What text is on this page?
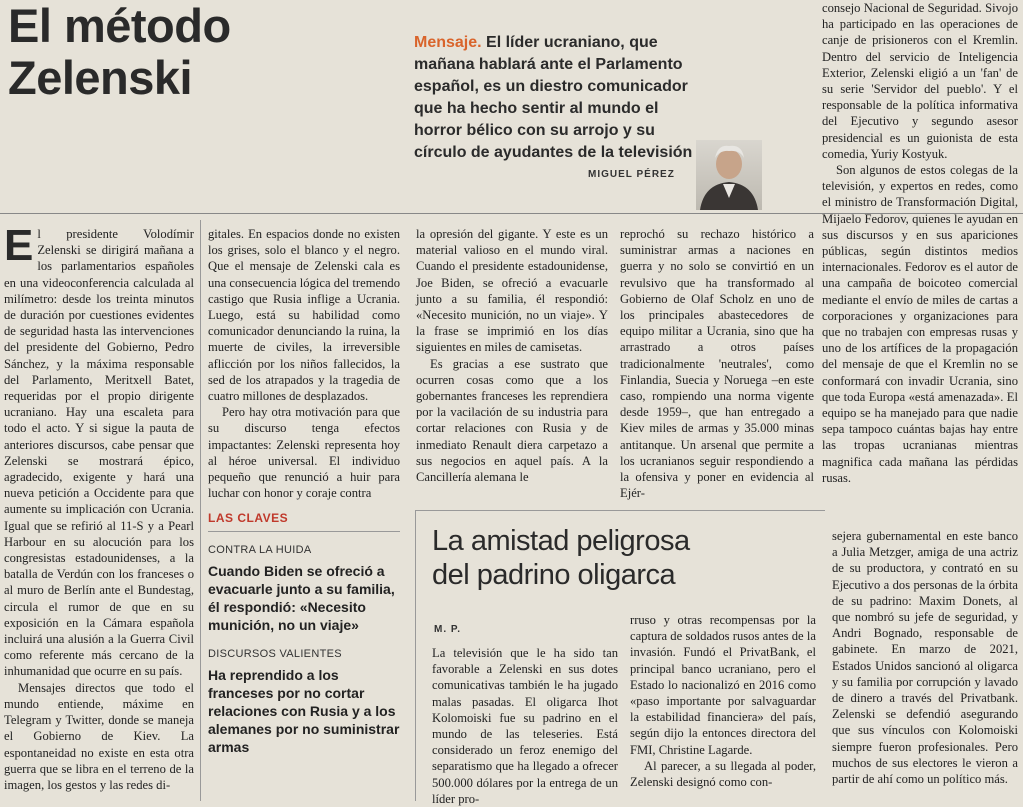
El método
Zelenski
Mensaje. El líder ucraniano, que mañana hablará ante el Parlamento español, es un diestro comunicador que ha hecho sentir al mundo el horror bélico con su arrojo y su círculo de ayudantes de la televisión
MIGUEL PÉREZ

El presidente Volodímir Zelenski se dirigirá mañana a los parlamentarios españoles en una videoconferencia calculada al milímetro: desde los treinta minutos de duración por cuestiones evidentes de seguridad hasta las intervenciones del presidente del Gobierno, Pedro Sánchez, y la máxima responsable del Parlamento, Meritxell Batet, requeridas por el propio dirigente ucraniano. Hay una escaleta para todo el acto. Y si sigue la pauta de anteriores discursos, cabe pensar que Zelenski se mostrará épico, agradecido, exigente y hará una nueva petición a Occidente para que aumente su implicación con Ucrania. Igual que se refirió al 11-S y a Pearl Harbour en su alocución para los congresistas estadounidenses, a la batalla de Verdún con los franceses o al muro de Berlín ante el Bundestag, circula el rumor de que en su exposición en la Cámara española incluirá una alusión a la Guerra Civil como referente más cercano de la inhumanidad que ocurre en su país.

Mensajes directos que todo el mundo entiende, máxime en Telegram y Twitter, donde se maneja el Gobierno de Kiev. La espontaneidad no existe en esta otra guerra que se libra en el terreno de la imagen, los gestos y las redes di-

gitales. En espacios donde no existen los grises, solo el blanco y el negro. Que el mensaje de Zelenski cala es una consecuencia lógica del tremendo castigo que Rusia inflige a Ucrania. Luego, está su habilidad como comunicador denunciando la ruina, la muerte de civiles, la irreversible aflicción por los niños fallecidos, la sed de los atrapados y la tragedia de cuatro millones de desplazados.

Pero hay otra motivación para que su discurso tenga efectos impactantes: Zelenski representa hoy al héroe universal. El individuo pequeño que renunció a huir para luchar con honor y coraje contra

LAS CLAVES
CONTRA LA HUIDA
Cuando Biden se ofreció a evacuarle junto a su familia, él respondió: «Necesito munición, no un viaje»
DISCURSOS VALIENTES
Ha reprendido a los franceses por no cortar relaciones con Rusia y a los alemanes por no suministrar armas

la opresión del gigante. Y este es un material valioso en el mundo viral. Cuando el presidente estadounidense, Joe Biden, se ofreció a evacuarle junto a su familia, él respondió: «Necesito munición, no un viaje». Y la frase se imprimió en los días siguientes en miles de camisetas.

Es gracias a ese sustrato que ocurren cosas como que a los gobernantes franceses les reprendiera por la vacilación de su industria para cortar relaciones con Rusia y de inmediato Renault diera carpetazo a sus negocios en aquel país. A la Cancillería alemana le

reprochó su rechazo histórico a suministrar armas a naciones en guerra y no solo se convirtió en un revulsivo que ha transformado al Gobierno de Olaf Scholz en uno de los principales abastecedores de equipo militar a Ucrania, sino que ha arrastrado a otros países tradicionalmente 'neutrales', como Finlandia, Suecia y Noruega –en este caso, rompiendo una norma vigente desde 1959–, que han entregado a Kiev miles de armas y 35.000 minas antitanque. Un arsenal que permite a los ucranianos seguir respondiendo a la ofensiva y poner en evidencia al Ejér-

consejo Nacional de Seguridad. Sivojo ha participado en las operaciones de canje de prisioneros con el Kremlin. Dentro del servicio de Inteligencia Exterior, Zelenski eligió a un 'fan' de su serie 'Servidor del pueblo'. Y el responsable de la política informativa del Ejecutivo y segundo asesor presidencial es un guionista de esta comedia, Yuriy Kostyuk.

Son algunos de estos colegas de la televisión, y expertos en redes, como el ministro de Transformación Digital, Mijaelo Fedorov, quienes le ayudan en sus discursos y en sus apariciones públicas, según distintos medios internacionales. Fedorov es el autor de una campaña de boicoteo comercial mediante el envío de miles de cartas a corporaciones y organizaciones para que no trabajen con empresas rusas y uno de los artífices de la propagación del mensaje de que el Kremlin no se conformará con invadir Ucrania, sino que toda Europa «está amenazada». El equipo se ha manejado para que nadie sepa tampoco cuántas bajas hay entre las tropas ucranianas mientras magnifica cada mañana las pérdidas rusas.

La amistad peligrosa
del padrino oligarca
M. P.

La televisión que le ha sido tan favorable a Zelenski en sus dotes comunicativas también le ha jugado malas pasadas. El oligarca Ihot Kolomoiski fue su padrino en el mundo de las teleseries. Está considerado un feroz enemigo del separatismo que ha llegado a ofrecer 500.000 dólares por la entrega de un líder pro-

rruso y otras recompensas por la captura de soldados rusos antes de la invasión. Fundó el PrivatBank, el principal banco ucraniano, pero el Estado lo nacionalizó en 2016 como «paso importante por salvaguardar la estabilidad financiera» del país, según dijo la entonces directora del FMI, Christine Lagarde.

Al parecer, a su llegada al poder, Zelenski designó como con-

sejera gubernamental en este banco a Julia Metzger, amiga de una actriz de su productora, y contrató en su Ejecutivo a dos personas de la órbita de su padrino: Maxim Donets, al que nombró su jefe de seguridad, y Andri Bognado, responsable de gabinete. En marzo de 2021, Estados Unidos sancionó al oligarca y su familia por corrupción y lavado de dinero a través del Privatbank. Zelenski se defendió asegurando que sus vínculos con Kolomoiski siempre fueron profesionales. Pero muchos de sus electores le vieron a partir de ahí como un político más.
